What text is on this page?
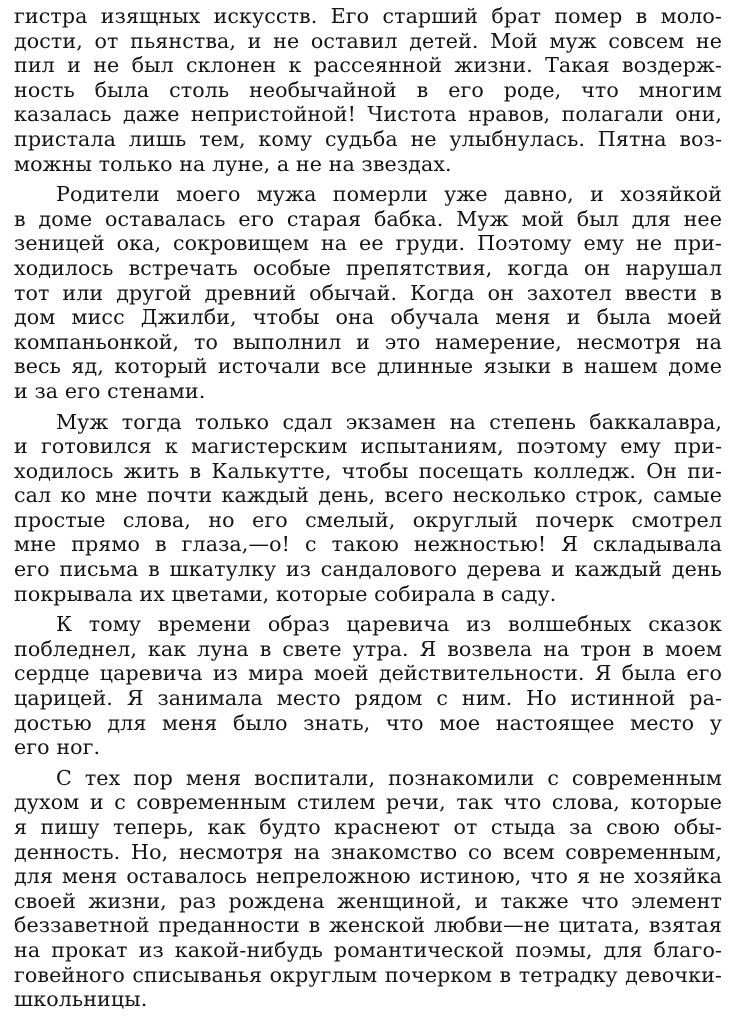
гистра изящных искусств. Его старший брат помер в моло-
дости, от пьянства, и не оставил детей. Мой муж совсем не
пил и не был склонен к рассеянной жизни. Такая воздерж-
ность была столь необычайной в его роде, что многим
казалась даже непристойной! Чистота нравов, полагали они,
пристала лишь тем, кому судьба не улыбнулась. Пятна воз-
можны только на луне, а не на звездах.
Родители моего мужа померли уже давно, и хозяйкой
в доме оставалась его старая бабка. Муж мой был для нее
зеницей ока, сокровищем на ее груди. Поэтому ему не при-
ходилось встречать особые препятствия, когда он нарушал
тот или другой древний обычай. Когда он захотел ввести в
дом мисс Джилби, чтобы она обучала меня и была моей
компаньонкой, то выполнил и это намерение, несмотря на
весь яд, который источали все длинные языки в нашем доме
и за его стенами.
Муж тогда только сдал экзамен на степень баккалавра,
и готовился к магистерским испытаниям, поэтому ему при-
ходилось жить в Калькутте, чтобы посещать колледж. Он пи-
сал ко мне почти каждый день, всего несколько строк, самые
простые слова, но его смелый, округлый почерк смотрел
мне прямо в глаза,—о! с такою нежностью! Я складывала
его письма в шкатулку из сандалового дерева и каждый день
покрывала их цветами, которые собирала в саду.
К тому времени образ царевича из волшебных сказок
побледнел, как луна в свете утра. Я возвела на трон в моем
сердце царевича из мира моей действительности. Я была его
царицей. Я занимала место рядом с ним. Но истинной ра-
достью для меня было знать, что мое настоящее место у
его ног.
С тех пор меня воспитали, познакомили с современным
духом и с современным стилем речи, так что слова, которые
я пишу теперь, как будто краснеют от стыда за свою обы-
денность. Но, несмотря на знакомство со всем современным,
для меня оставалось непреложною истиною, что я не хозяйка
своей жизни, раз рождена женщиной, и также что элемент
беззаветной преданности в женской любви—не цитата, взятая
на прокат из какой-нибудь романтической поэмы, для благо-
говейного списыванья округлым почерком в тетрадку девочки-
школьницы.
